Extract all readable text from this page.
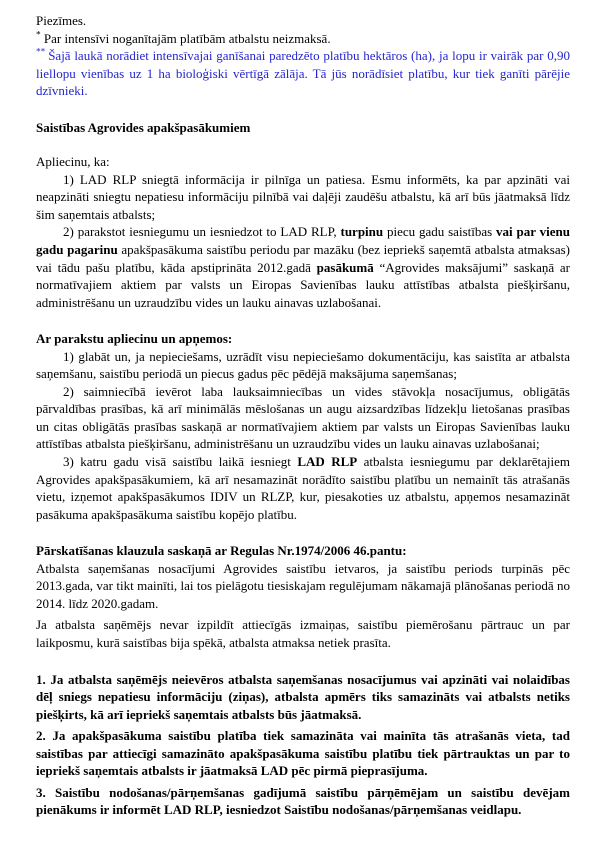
Piezīmes.

* Par intensīvi noganītajām platībām atbalstu neizmaksā.

** Šajā laukā norādiet intensīvajai ganīšanai paredzēto platību hektāros (ha), ja lopu ir vairāk par 0,90 liellopu vienības uz 1 ha bioloģiski vērtīgā zālāja. Tā jūs norādīsiet platību, kur tiek ganīti pārējie dzīvnieki.

Saistības Agrovides apakšpasākumiem

Apliecinu, ka:

1) LAD RLP sniegtā informācija ir pilnīga un patiesa. Esmu informēts, ka par apzināti vai neapzināti sniegtu nepatiesu informāciju pilnībā vai daļēji zaudēšu atbalstu, kā arī būs jāatmaksā līdz šim saņemtais atbalsts;

2) parakstot iesniegumu un iesniedzot to LAD RLP, turpinu piecu gadu saistības vai par vienu gadu pagarinu apakšpasākuma saistību periodu par mazāku (bez iepriekš saņemtā atbalsta atmaksas) vai tādu pašu platību, kāda apstiprināta 2012.gadā pasākumā “Agrovides maksājumi” saskaņā ar normatīvajiem aktiem par valsts un Eiropas Savienības lauku attīstības atbalsta piešķiršanu, administrēšanu un uzraudzību vides un lauku ainavas uzlabošanai.

Ar parakstu apliecinu un apņemos:

1) glabāt un, ja nepieciešams, uzrādīt visu nepieciešamo dokumentāciju, kas saistīta ar atbalsta saņemšanu, saistību periodā un piecus gadus pēc pēdējā maksājuma saņemšanas;

2) saimniecībā ievērot laba lauksaimniecības un vides stāvokļa nosacījumus, obligātās pārvaldības prasības, kā arī minimālās mēslošanas un augu aizsardzības līdzekļu lietošanas prasības un citas obligātās prasības saskaņā ar normatīvajiem aktiem par valsts un Eiropas Savienības lauku attīstības atbalsta piešķiršanu, administrēšanu un uzraudzību vides un lauku ainavas uzlabošanai;

3) katru gadu visā saistību laikā iesniegt LAD RLP atbalsta iesniegumu par deklarētajiem Agrovides apakšpasākumiem, kā arī nesamazināt norādīto saistību platību un nemainīt tās atrašanās vietu, izņemot apakšpasākumos IDIV un RLZP, kur, piesakoties uz atbalstu, apņemos nesamazināt pasākuma apakšpasākuma saistību kopējo platību.

Pārskatīšanas klauzula saskaņā ar Regulas Nr.1974/2006 46.pantu:

Atbalsta saņemšanas nosacījumi Agrovides saistību ietvaros, ja saistību periods turpinās pēc 2013.gada, var tikt mainīti, lai tos pielāgotu tiesiskajam regulējumam nākamajā plānošanas periodā no 2014. līdz 2020.gadam.

Ja atbalsta saņēmējs nevar izpildīt attiecīgās izmaiņas, saistību piemērošanu pārtrauc un par laikposmu, kurā saistības bija spēkā, atbalsta atmaksa netiek prasīta.

1. Ja atbalsta saņēmējs neievēros atbalsta saņemšanas nosacījumus vai apzināti vai nolaidības dēļ sniegs nepatiesu informāciju (ziņas), atbalsta apmērs tiks samazināts vai atbalsts netiks piešķirts, kā arī iepriekš saņemtais atbalsts būs jāatmaksā.

2. Ja apakšpasākuma saistību platība tiek samazināta vai mainīta tās atrašanās vieta, tad saistības par attiecīgi samazināto apakšpasākuma saistību platību tiek pārtrauktas un par to iepriekš saņemtais atbalsts ir jāatmaksā LAD pēc pirmā pieprasījuma.

3. Saistību nodošanas/pārņemšanas gadījumā saistību pārņēmējam un saistību devējam pienākums ir informēt LAD RLP, iesniedzot Saistību nodošanas/pārņemšanas veidlapu.
